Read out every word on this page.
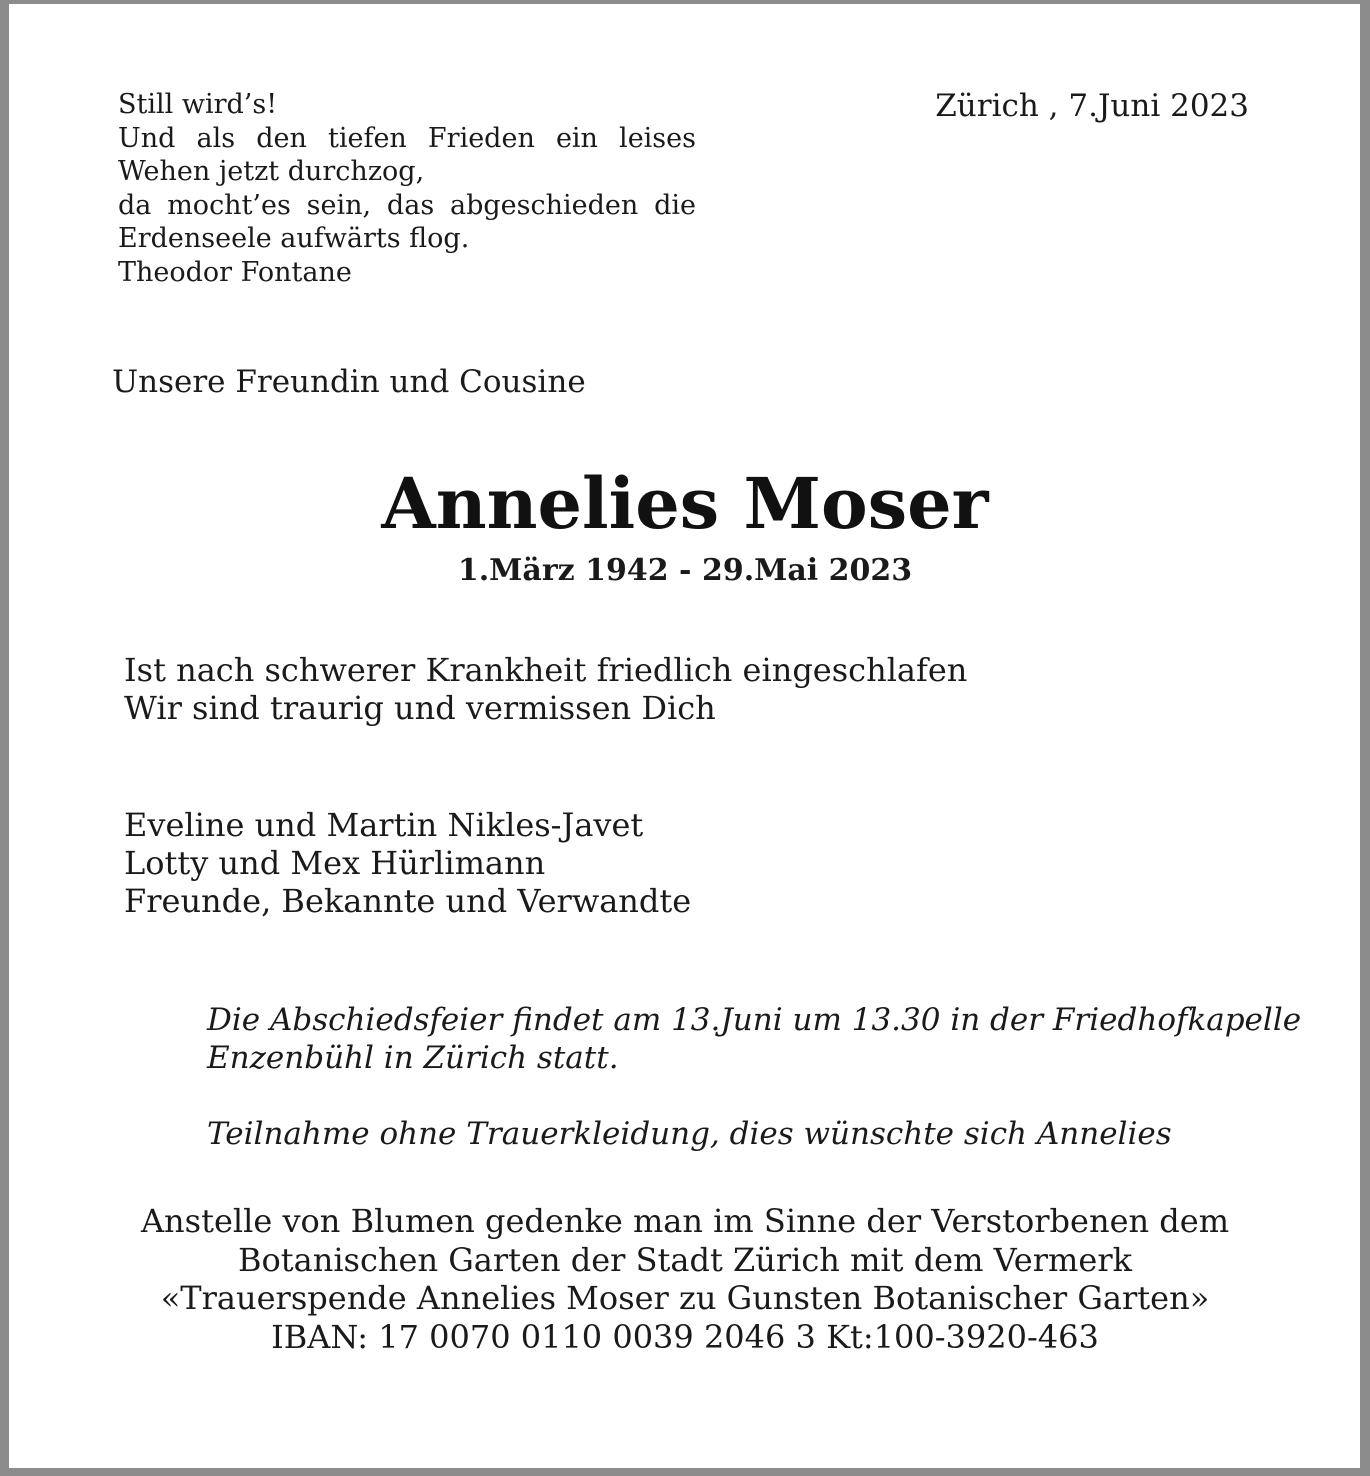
Still wird’s!
Und als den tiefen Frieden ein leises
Wehen jetzt durchzog,
da mocht’es sein, das abgeschieden die
Erdenseele aufwärts flog.
Theodor Fontane
Zürich , 7.Juni 2023
Unsere Freundin und Cousine
Annelies Moser
1.März 1942 - 29.Mai 2023
Ist nach schwerer Krankheit friedlich eingeschlafen
Wir sind traurig und vermissen Dich
Eveline und Martin Nikles-Javet
Lotty und Mex Hürlimann
Freunde, Bekannte und Verwandte
Die Abschiedsfeier findet am 13.Juni um 13.30 in der Friedhofkapelle
Enzenbühl in Zürich statt.
Teilnahme ohne Trauerkleidung, dies wünschte sich Annelies
Anstelle von Blumen gedenke man im Sinne der Verstorbenen dem
Botanischen Garten der Stadt Zürich mit dem Vermerk
«Trauerspende Annelies Moser zu Gunsten Botanischer Garten»
IBAN: 17 0070 0110 0039 2046 3 Kt:100-3920-463
